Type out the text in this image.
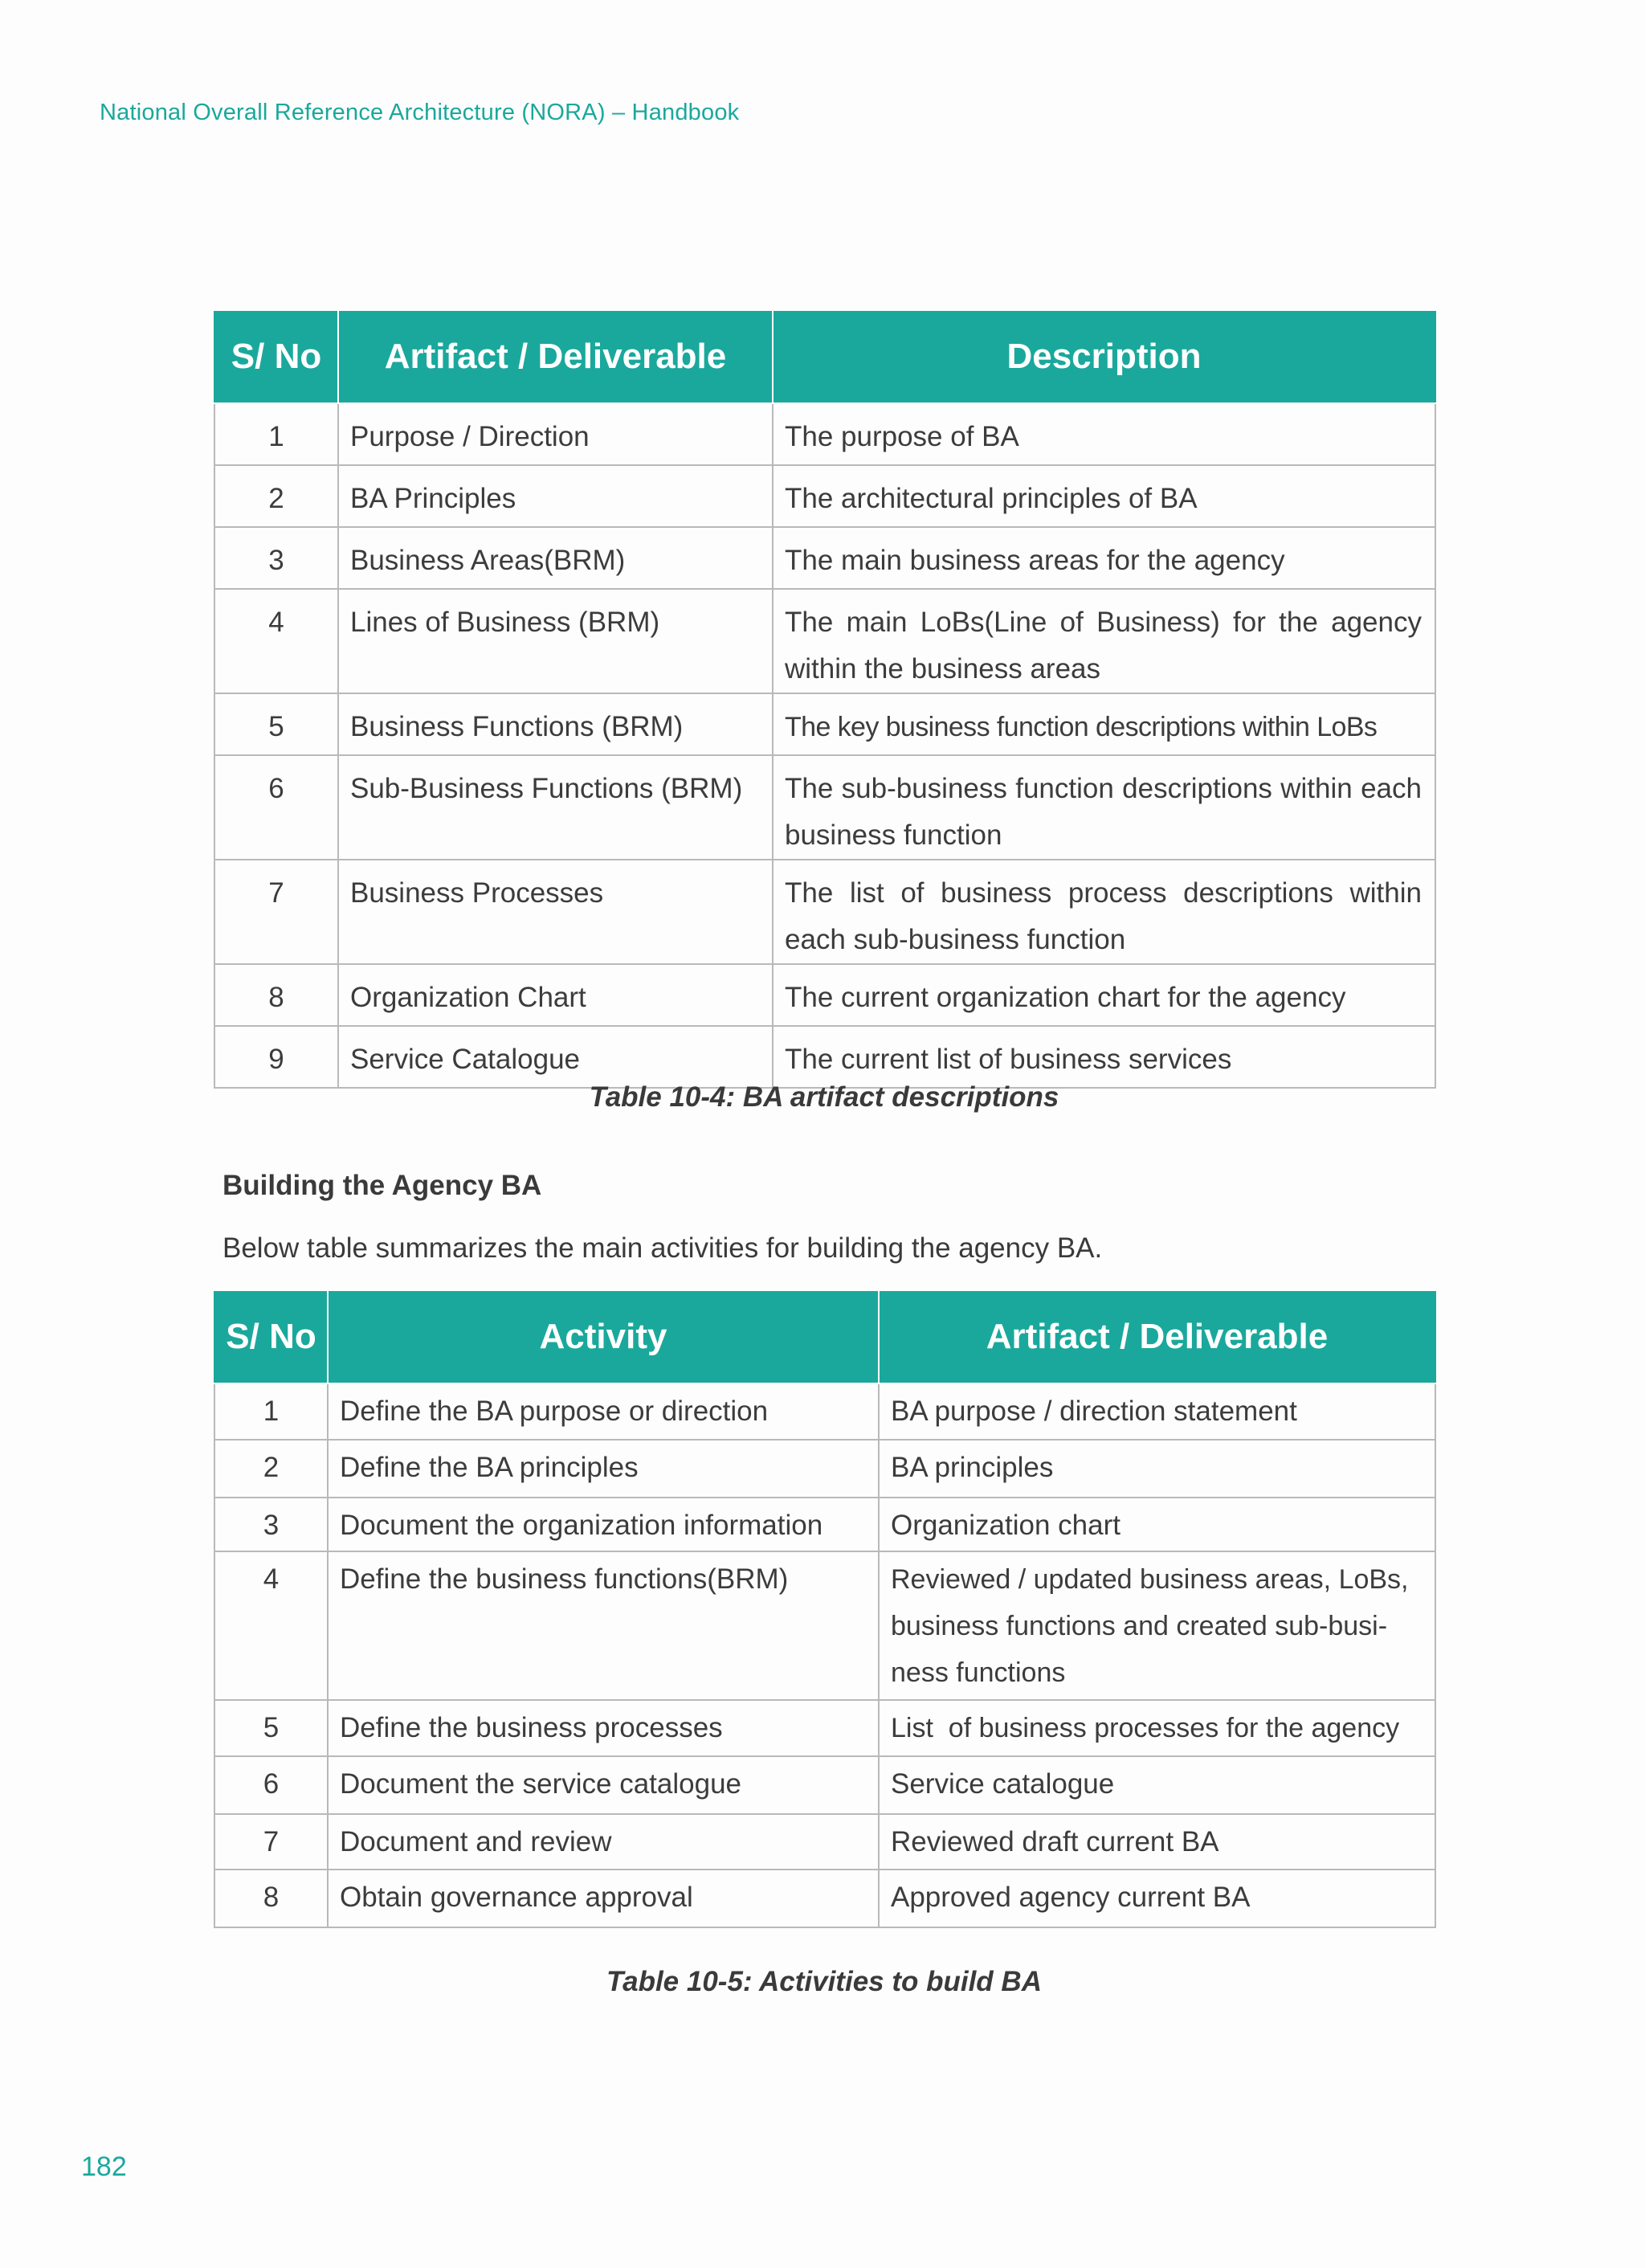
National Overall Reference Architecture (NORA) – Handbook
S/ No	Artifact / Deliverable	Description
1	Purpose / Direction	The purpose of BA
2	BA Principles	The architectural principles of BA
3	Business Areas(BRM)	The main business areas for the agency
4	Lines of Business (BRM)	The main LoBs(Line of Business) for the agency within the business areas
5	Business Functions (BRM)	The key business function descriptions within LoBs
6	Sub-Business Functions (BRM)	The sub-business function descriptions within each business function
7	Business Processes	The list of business process descriptions within each sub-business function
8	Organization Chart	The current organization chart for the agency
9	Service Catalogue	The current list of business services
Table 10-4: BA artifact descriptions
Building the Agency BA
Below table summarizes the main activities for building the agency BA.
S/ No	Activity	Artifact / Deliverable
1	Define the BA purpose or direction	BA purpose / direction statement
2	Define the BA principles	BA principles
3	Document the organization information	Organization chart
4	Define the business functions(BRM)	Reviewed / updated business areas, LoBs, business functions and created sub-busi-ness functions
5	Define the business processes	List  of business processes for the agency
6	Document the service catalogue	Service catalogue
7	Document and review	Reviewed draft current BA
8	Obtain governance approval	Approved agency current BA
Table 10-5: Activities to build BA
182
